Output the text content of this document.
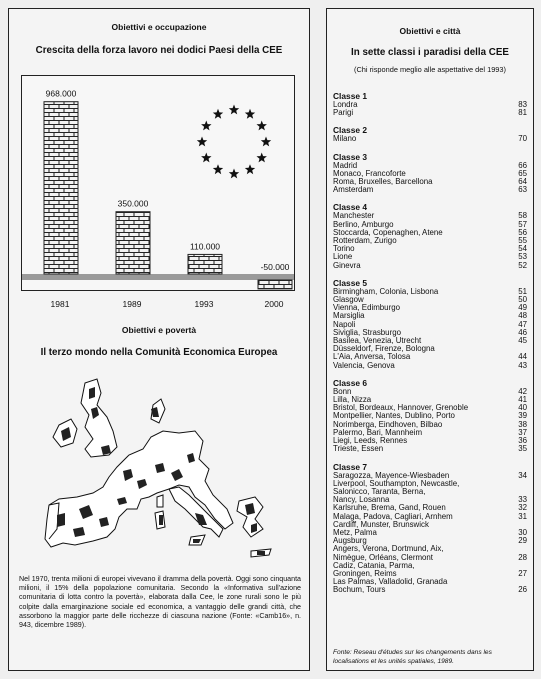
Obiettivi e occupazione
Crescita della forza lavoro nei dodici Paesi della CEE
968.000
350.000
110.000
-50.000
1981	1989	1993	2000
Obiettivi e povertà
Il terzo mondo nella Comunità Economica Europea
Nel 1970, trenta milioni di europei vivevano il dramma della povertà. Oggi sono cinquanta milioni, il 15% della popolazione comunitaria. Secondo la «Informativa sull'azione comunitaria di lotta contro la povertà», elaborata dalla Cee, le zone rurali sono le più colpite dalla emarginazione sociale ed economica, a vantaggio delle grandi città, che assorbono la maggior parte delle ricchezze di ciascuna nazione (Fonte: «Camb16», n. 943, dicembre 1989).
Obiettivi e città
In sette classi i paradisi della CEE
(Chi risponde meglio alle aspettative del 1993)
Classe 1
Londra	83
Parigi	81
Classe 2
Milano	70
Classe 3
Madrid	66
Monaco, Francoforte	65
Roma, Bruxelles, Barcellona	64
Amsterdam	63
Classe 4
Manchester	58
Berlino, Amburgo	57
Stoccarda, Copenaghen, Atene	56
Rotterdam, Zurigo	55
Torino	54
Lione	53
Ginevra	52
Classe 5
Birmingham, Colonia, Lisbona	51
Glasgow	50
Vienna, Edimburgo	49
Marsiglia	48
Napoli	47
Siviglia, Strasburgo	46
Basilea, Venezia, Utrecht	45
Düsseldorf, Firenze, Bologna
L'Aia, Anversa, Tolosa	44
Valencia, Genova	43
Classe 6
Bonn	42
Lilla, Nizza	41
Bristol, Bordeaux, Hannover, Grenoble	40
Montpellier, Nantes, Dublino, Porto	39
Norimberga, Eindhoven, Bilbao	38
Palermo, Bari, Mannheim	37
Liegi, Leeds, Rennes	36
Trieste, Essen	35
Classe 7
Saragozza, Mayence-Wiesbaden	34
Liverpool, Southampton, Newcastle,
Salonicco, Taranta, Berna,
Nancy, Losanna	33
Karlsruhe, Brema, Gand, Rouen	32
Malaga, Padova, Cagliari, Arnhem	31
Cardiff, Munster, Brunswick
Metz, Palma	30
Augsburg	29
Angers, Verona, Dortmund, Aix,
Nimègue, Orléans, Clermont	28
Cadiz, Catania, Parma,
Groningen, Reims	27
Las Palmas, Valladolid, Granada
Bochum, Tours	26
Fonte: Reseau d'études sur les changements dans les localisations et les unités spatiales, 1989.
